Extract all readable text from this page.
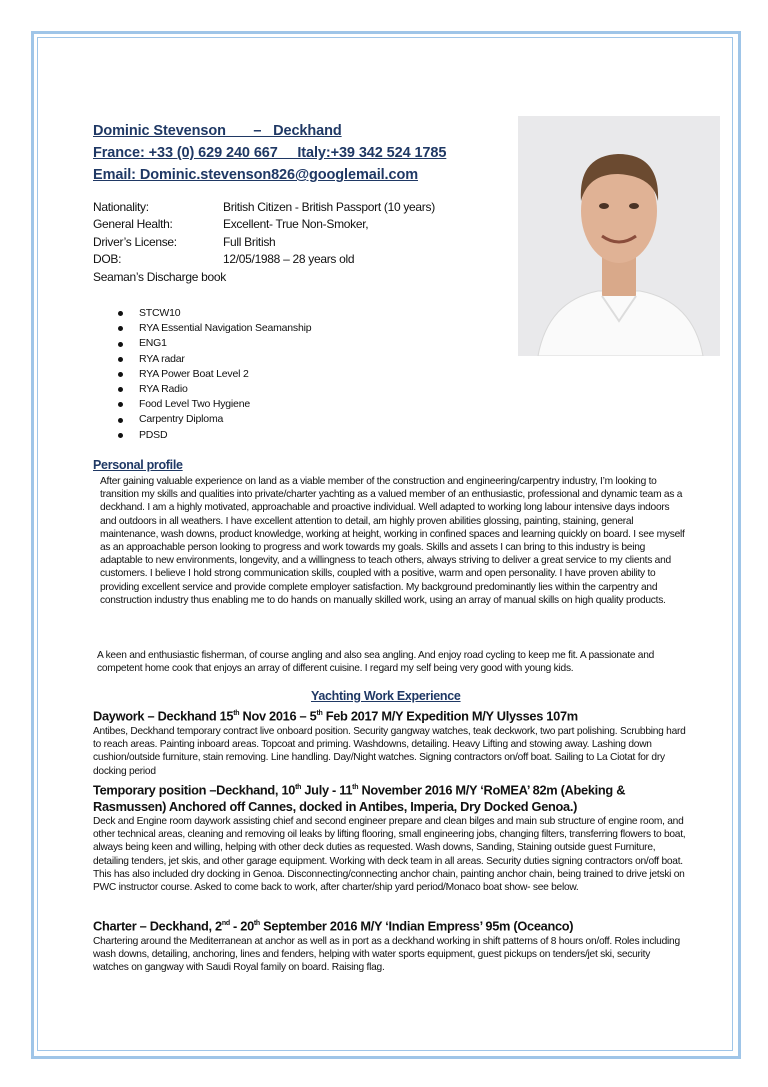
Dominic Stevenson       –   Deckhand
France: +33 (0) 629 240 667     Italy:+39 342 524 1785
Email: Dominic.stevenson826@googlemail.com
Nationality:	British Citizen - British Passport (10 years)
General Health:	Excellent- True Non-Smoker,
Driver’s License:	Full British
DOB:	12/05/1988 – 28 years old
Seaman’s Discharge book
STCW10
RYA Essential Navigation Seamanship
ENG1
RYA radar
RYA Power Boat Level 2
RYA Radio
Food Level Two Hygiene
Carpentry Diploma
PDSD
Personal profile

After gaining valuable experience on land as a viable member of the construction and engineering/carpentry industry, I’m looking to transition my skills and qualities into private/charter yachting as a valued member of an enthusiastic, professional and dynamic team as a deckhand. I am a highly motivated, approachable and proactive individual. Well adapted to working long labour intensive days indoors and outdoors in all weathers. I have excellent attention to detail, am highly proven abilities glossing, painting, staining, general maintenance, wash downs, product knowledge, working at height, working in confined spaces and learning quickly on board. I see myself as an approachable person looking to progress and work towards my goals. Skills and assets I can bring to this industry is being adaptable to new environments, longevity, and a willingness to teach others, always striving to deliver a great service to my clients and customers. I believe I hold strong communication skills, coupled with a positive, warm and open personality. I have proven ability to providing excellent service and provide complete employer satisfaction. My background predominantly lies within the carpentry and construction industry thus enabling me to do hands on manually skilled work, using an array of manual skills on high quality products.

A keen and enthusiastic fisherman, of course angling and also sea angling. And enjoy road cycling to keep me fit. A passionate and competent home cook that enjoys an array of different cuisine. I regard my self being very good with young kids.

Yachting Work Experience
Daywork – Deckhand 15th Nov 2016 – 5th Feb 2017 M/Y Expedition M/Y Ulysses 107m

Antibes, Deckhand temporary contract live onboard position. Security gangway watches, teak deckwork, two part polishing. Scrubbing hard to reach areas. Painting inboard areas. Topcoat and priming. Washdowns, detailing. Heavy Lifting and stowing away. Lashing down cushion/outside furniture, stain removing. Line handling. Day/Night watches. Signing contractors on/off boat. Sailing to La Ciotat for dry docking period

Temporary position –Deckhand, 10th July - 11th November 2016 M/Y ‘RoMEA’ 82m (Abeking & Rasmussen) Anchored off Cannes, docked in Antibes, Imperia, Dry Docked Genoa.)

Deck and Engine room daywork assisting chief and second engineer prepare and clean bilges and main sub structure of engine room, and other technical areas, cleaning and removing oil leaks by lifting flooring, small engineering jobs, changing filters, transferring flowers to boat, always being keen and willing, helping with other deck duties as requested. Wash downs, Sanding, Staining outside guest Furniture, detailing tenders, jet skis, and other garage equipment. Working with deck team in all areas. Security duties signing contractors on/off boat. This has also included dry docking in Genoa. Disconnecting/connecting anchor chain, painting anchor chain, being trained to drive jetski on PWC instructor course. Asked to come back to work, after charter/ship yard period/Monaco boat show- see below.

Charter – Deckhand, 2nd - 20th September 2016 M/Y ‘Indian Empress’ 95m (Oceanco)

Chartering around the Mediterranean at anchor as well as in port as a deckhand working in shift patterns of 8 hours on/off. Roles including wash downs, detailing, anchoring, lines and fenders, helping with water sports equipment, guest pickups on tenders/jet ski, security watches on gangway with Saudi Royal family on board. Raising flag.
